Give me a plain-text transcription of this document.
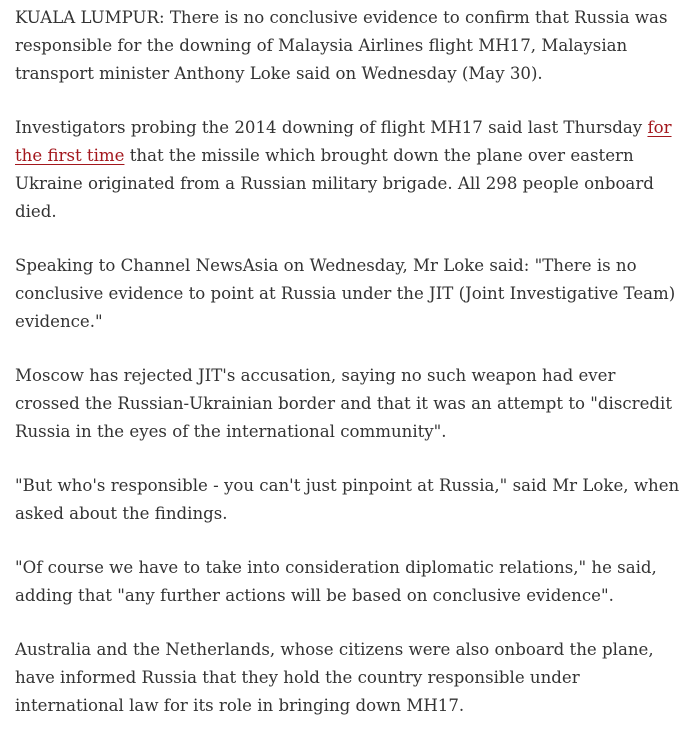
KUALA LUMPUR: There is no conclusive evidence to confirm that Russia was responsible for the downing of Malaysia Airlines flight MH17, Malaysian transport minister Anthony Loke said on Wednesday (May 30).

Investigators probing the 2014 downing of flight MH17 said last Thursday for the first time that the missile which brought down the plane over eastern Ukraine originated from a Russian military brigade. All 298 people onboard died.

Speaking to Channel NewsAsia on Wednesday, Mr Loke said: "There is no conclusive evidence to point at Russia under the JIT (Joint Investigative Team) evidence."

Moscow has rejected JIT's accusation, saying no such weapon had ever crossed the Russian-Ukrainian border and that it was an attempt to "discredit Russia in the eyes of the international community".

"But who's responsible - you can't just pinpoint at Russia," said Mr Loke, when asked about the findings.

"Of course we have to take into consideration diplomatic relations," he said, adding that "any further actions will be based on conclusive evidence".

Australia and the Netherlands, whose citizens were also onboard the plane, have informed Russia that they hold the country responsible under international law for its role in bringing down MH17.
